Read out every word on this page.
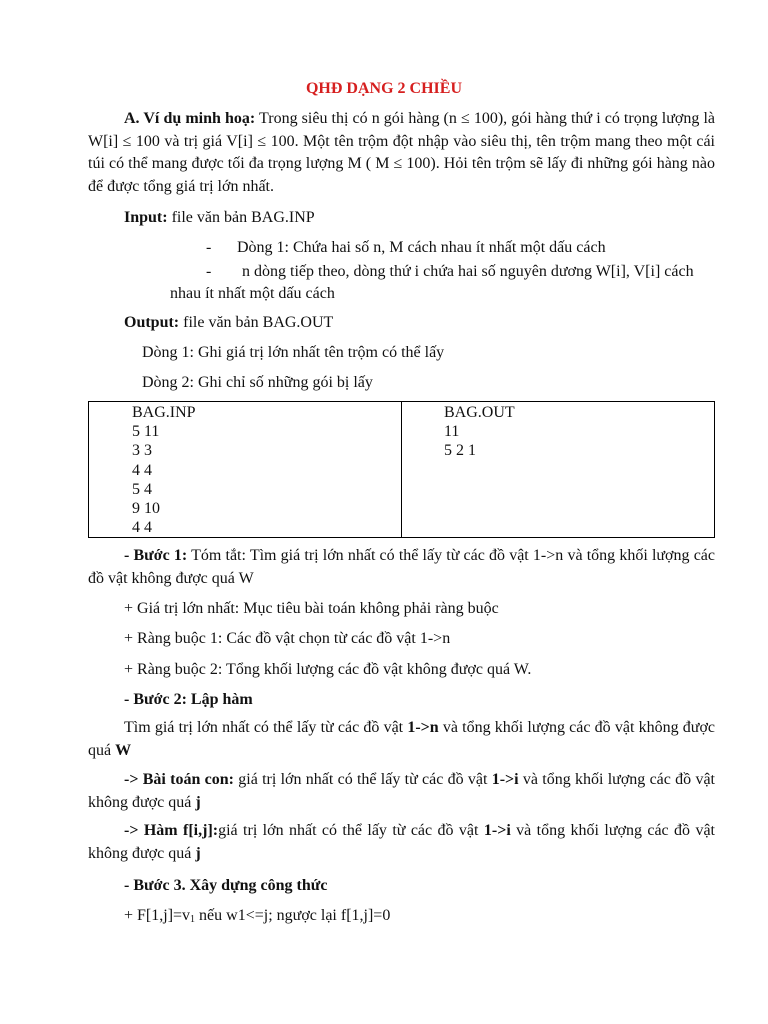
QHĐ DẠNG 2 CHIỀU
A. Ví dụ minh hoạ: Trong siêu thị có n gói hàng (n ≤ 100), gói hàng thứ i có trọng lượng là W[i] ≤ 100 và trị giá V[i] ≤ 100. Một tên trộm đột nhập vào siêu thị, tên trộm mang theo một cái túi có thể mang được tối đa trọng lượng M ( M ≤ 100). Hỏi tên trộm sẽ lấy đi những gói hàng nào để được tổng giá trị lớn nhất.
Input: file văn bản BAG.INP
- Dòng 1: Chứa hai số n, M cách nhau ít nhất một dấu cách
- n dòng tiếp theo, dòng thứ i chứa hai số nguyên dương W[i], V[i] cách
nhau ít nhất một dấu cách
Output: file văn bản BAG.OUT
Dòng 1: Ghi giá trị lớn nhất tên trộm có thể lấy
Dòng 2: Ghi chỉ số những gói bị lấy
BAG.INP
5 11
3 3
4 4
5 4
9 10
4 4
BAG.OUT
11
5 2 1
- Bước 1: Tóm tắt: Tìm giá trị lớn nhất có thể lấy từ các đồ vật 1->n và tổng khối lượng các đồ vật không được quá W
+ Giá trị lớn nhất: Mục tiêu bài toán không phải ràng buộc
+ Ràng buộc 1: Các đồ vật chọn từ các đồ vật 1->n
+ Ràng buộc 2: Tổng khối lượng các đồ vật không được quá W.
- Bước 2: Lập hàm
Tìm giá trị lớn nhất có thể lấy từ các đồ vật 1->n và tổng khối lượng các đồ vật không được quá W
-> Bài toán con: giá trị lớn nhất có thể lấy từ các đồ vật 1->i và tổng khối lượng các đồ vật không được quá j
-> Hàm f[i,j]:giá trị lớn nhất có thể lấy từ các đồ vật 1->i và tổng khối lượng các đồ vật không được quá j
- Bước 3. Xây dựng công thức
+ $F[1,j]=v_1$ nếu w1<=j; ngược lại f[1,j]=0
